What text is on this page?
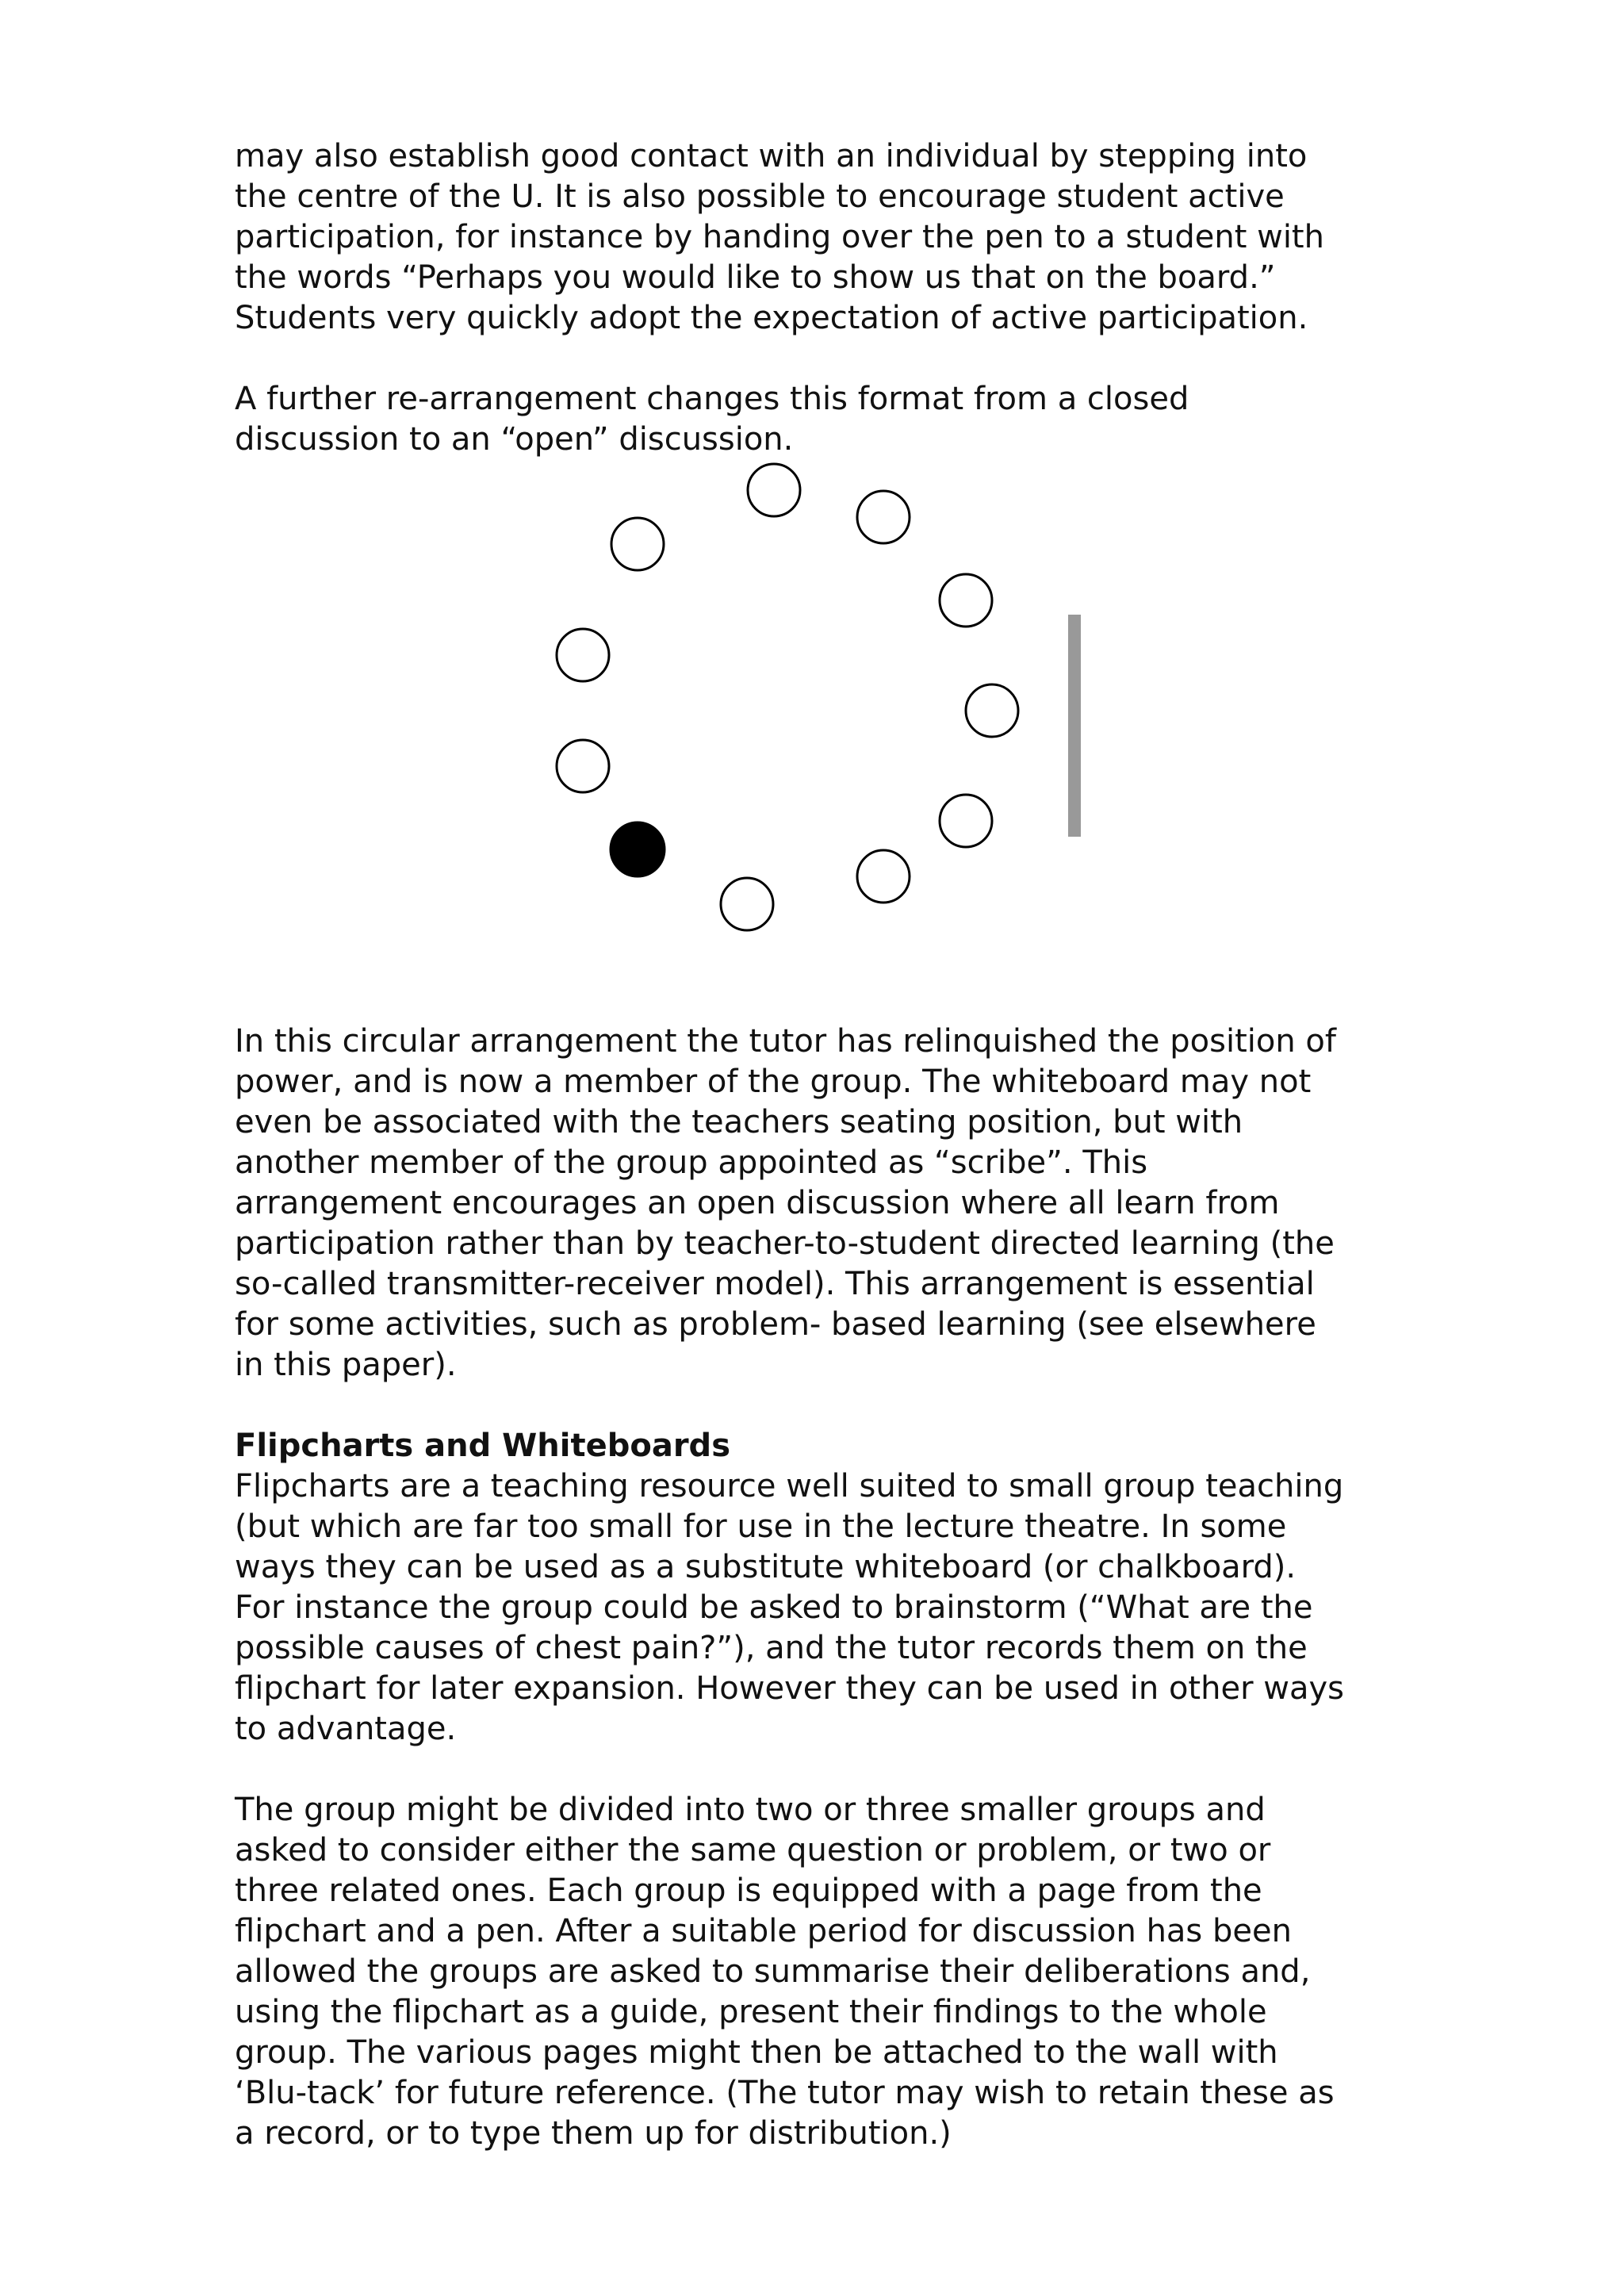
may also establish good contact with an individual by stepping into
the centre of the U. It is also possible to encourage student active
participation, for instance by handing over the pen to a student with
the words “Perhaps you would like to show us that on the board.”
Students very quickly adopt the expectation of active participation.

A further re-arrangement changes this format from a closed
discussion to an “open” discussion.

In this circular arrangement the tutor has relinquished the position of
power, and is now a member of the group. The whiteboard may not
even be associated with the teachers seating position, but with
another member of the group appointed as “scribe”. This
arrangement encourages an open discussion where all learn from
participation rather than by teacher-to-student directed learning (the
so-called transmitter-receiver model). This arrangement is essential
for some activities, such as problem- based learning (see elsewhere
in this paper).

Flipcharts and Whiteboards

Flipcharts are a teaching resource well suited to small group teaching
(but which are far too small for use in the lecture theatre. In some
ways they can be used as a substitute whiteboard (or chalkboard).
For instance the group could be asked to brainstorm (“What are the
possible causes of chest pain?”), and the tutor records them on the
flipchart for later expansion. However they can be used in other ways
to advantage.

The group might be divided into two or three smaller groups and
asked to consider either the same question or problem, or two or
three related ones. Each group is equipped with a page from the
flipchart and a pen. After a suitable period for discussion has been
allowed the groups are asked to summarise their deliberations and,
using the flipchart as a guide, present their findings to the whole
group. The various pages might then be attached to the wall with
‘Blu-tack’ for future reference. (The tutor may wish to retain these as
a record, or to type them up for distribution.)
